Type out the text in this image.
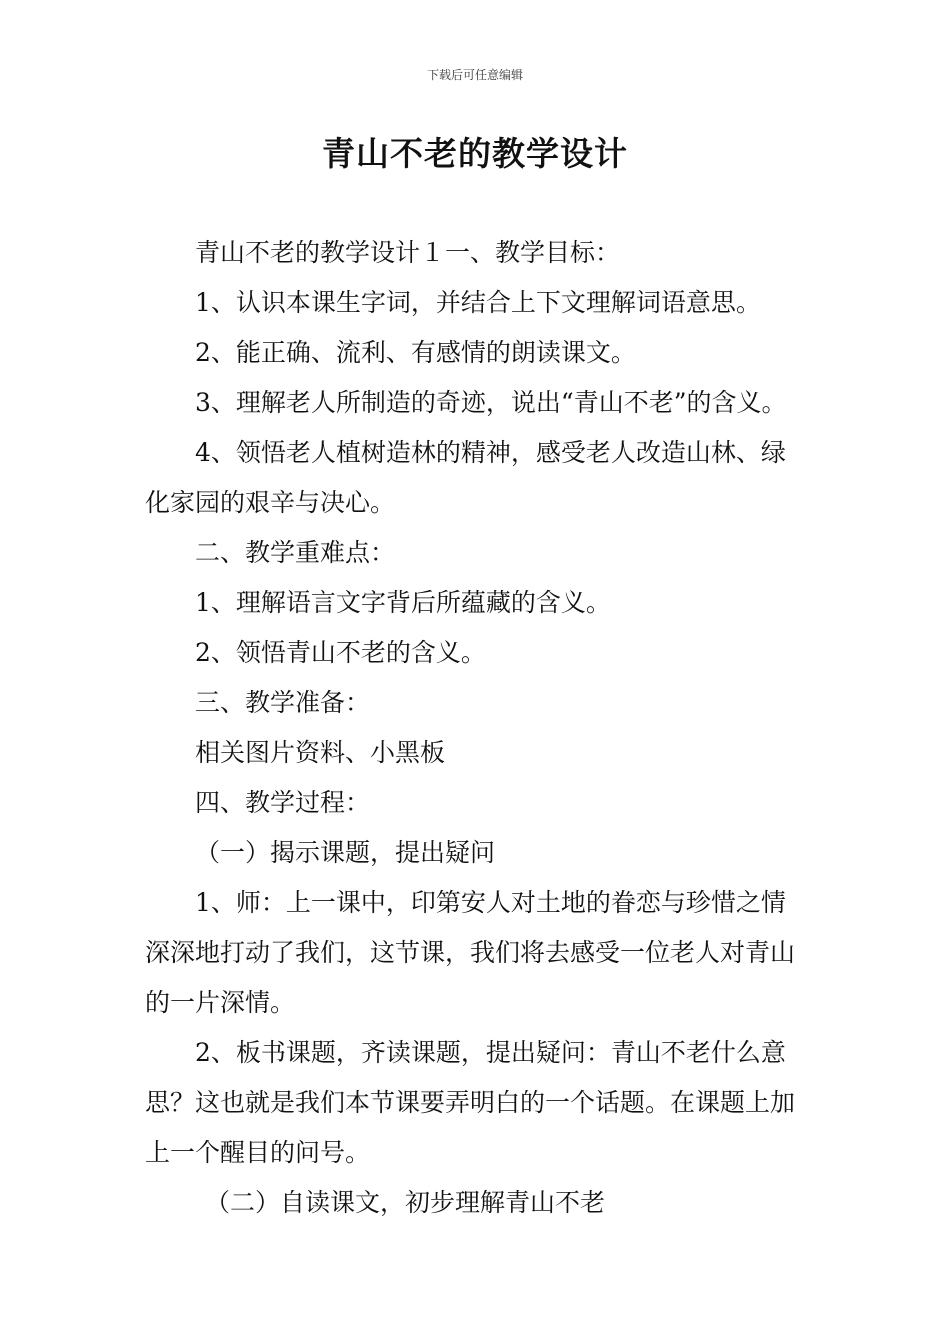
下载后可任意编辑
青山不老的教学设计

青山不老的教学设计１一、教学目标：

1、认识本课生字词，并结合上下文理解词语意思。

2、能正确、流利、有感情的朗读课文。

3、理解老人所制造的奇迹，说出“青山不老”的含义。

4、领悟老人植树造林的精神，感受老人改造山林、绿化家园的艰辛与决心。

二、教学重难点：

1、理解语言文字背后所蕴藏的含义。

2、领悟青山不老的含义。

三、教学准备：

相关图片资料、小黑板

四、教学过程：

（一）揭示课题，提出疑问

1、师：上一课中，印第安人对土地的眷恋与珍惜之情深深地打动了我们，这节课，我们将去感受一位老人对青山的一片深情。

2、板书课题，齐读课题，提出疑问：青山不老什么意思？这也就是我们本节课要弄明白的一个话题。在课题上加上一个醒目的问号。

（二）自读课文，初步理解青山不老
